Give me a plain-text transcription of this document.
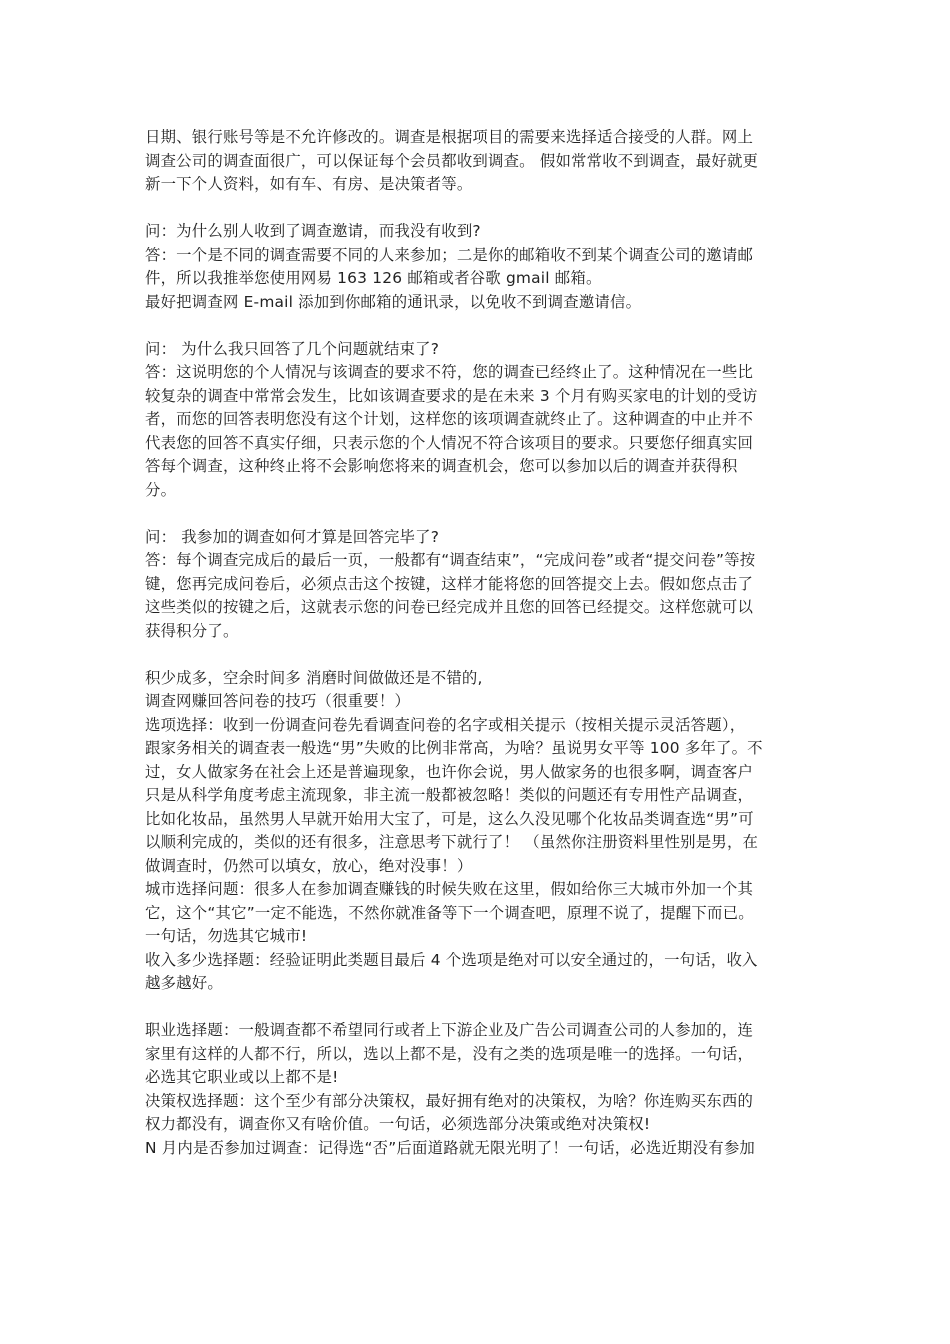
日期、银行账号等是不允许修改的。调查是根据项目的需要来选择适合接受的人群。网上
调查公司的调查面很广，可以保证每个会员都收到调查。 假如常常收不到调查，最好就更
新一下个人资料，如有车、有房、是决策者等。
问：为什么别人收到了调查邀请，而我没有收到?
答：一个是不同的调查需要不同的人来参加；二是你的邮箱收不到某个调查公司的邀请邮
件，所以我推举您使用网易 163 126 邮箱或者谷歌 gmail 邮箱。
最好把调查网 E-mail 添加到你邮箱的通讯录，以免收不到调查邀请信。
问： 为什么我只回答了几个问题就结束了?
答：这说明您的个人情况与该调查的要求不符，您的调查已经终止了。这种情况在一些比
较复杂的调查中常常会发生，比如该调查要求的是在未来 3 个月有购买家电的计划的受访
者，而您的回答表明您没有这个计划，这样您的该项调查就终止了。这种调查的中止并不
代表您的回答不真实仔细，只表示您的个人情况不符合该项目的要求。只要您仔细真实回
答每个调查，这种终止将不会影响您将来的调查机会，您可以参加以后的调查并获得积
分。
问： 我参加的调查如何才算是回答完毕了?
答：每个调查完成后的最后一页，一般都有“调查结束”，“完成问卷”或者“提交问卷”等按
键，您再完成问卷后，必须点击这个按键，这样才能将您的回答提交上去。假如您点击了
这些类似的按键之后，这就表示您的问卷已经完成并且您的回答已经提交。这样您就可以
获得积分了。
积少成多，空余时间多 消磨时间做做还是不错的,
调查网赚回答问卷的技巧（很重要！）
选项选择：收到一份调查问卷先看调查问卷的名字或相关提示（按相关提示灵活答题），
跟家务相关的调查表一般选“男”失败的比例非常高，为啥？虽说男女平等 100 多年了。不
过，女人做家务在社会上还是普遍现象，也许你会说，男人做家务的也很多啊，调查客户
只是从科学角度考虑主流现象，非主流一般都被忽略！类似的问题还有专用性产品调查，
比如化妆品，虽然男人早就开始用大宝了，可是，这么久没见哪个化妆品类调查选“男”可
以顺利完成的，类似的还有很多，注意思考下就行了！ （虽然你注册资料里性别是男，在
做调查时，仍然可以填女，放心，绝对没事！）
城市选择问题：很多人在参加调查赚钱的时候失败在这里，假如给你三大城市外加一个其
它，这个“其它”一定不能选，不然你就准备等下一个调查吧，原理不说了，提醒下而已。
一句话，勿选其它城市!
收入多少选择题：经验证明此类题目最后 4 个选项是绝对可以安全通过的，一句话，收入
越多越好。
职业选择题：一般调查都不希望同行或者上下游企业及广告公司调查公司的人参加的，连
家里有这样的人都不行，所以，选以上都不是，没有之类的选项是唯一的选择。一句话，
必选其它职业或以上都不是!
决策权选择题：这个至少有部分决策权，最好拥有绝对的决策权，为啥？你连购买东西的
权力都没有，调查你又有啥价值。一句话，必须选部分决策或绝对决策权!
N 月内是否参加过调查：记得选“否”后面道路就无限光明了！一句话，必选近期没有参加
